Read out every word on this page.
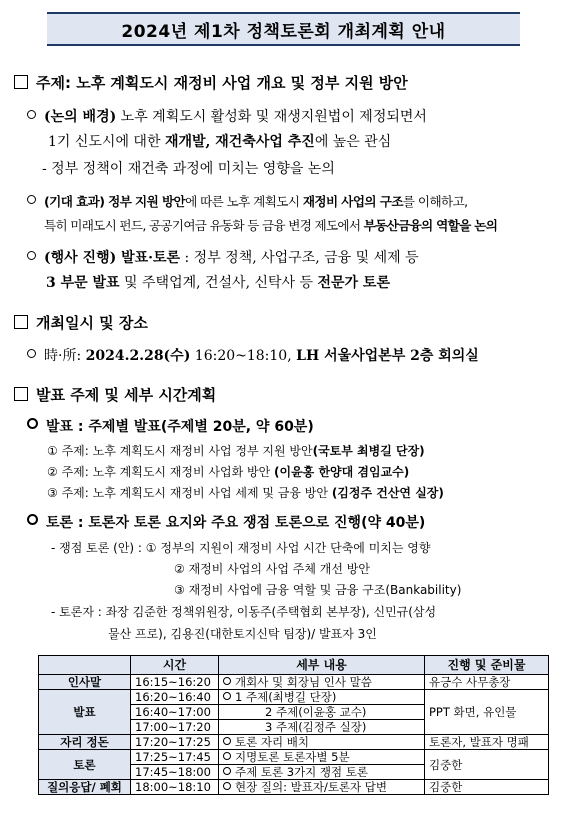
2024년 제1차 정책토론회 개최계획 안내
주제: 노후 계획도시 재정비 사업 개요 및 정부 지원 방안
(논의 배경) 노후 계획도시 활성화 및 재생지원법이 제정되면서
1기 신도시에 대한 재개발, 재건축사업 추진에 높은 관심
- 정부 정책이 재건축 과정에 미치는 영향을 논의
(기대 효과) 정부 지원 방안에 따른 노후 계획도시 재정비 사업의 구조를 이해하고,
특히 미래도시 펀드, 공공기여금 유동화 등 금융 변경 제도에서 부동산금융의 역할을 논의
(행사 진행) 발표·토론 : 정부 정책, 사업구조, 금융 및 세제 등
3 부문 발표 및 주택업계, 건설사, 신탁사 등 전문가 토론
개최일시 및 장소
時·所: 2024.2.28(수) 16:20~18:10, LH 서울사업본부 2층 회의실
발표 주제 및 세부 시간계획
발표 : 주제별 발표(주제별 20분, 약 60분)
① 주제: 노후 계획도시 재정비 사업 정부 지원 방안(국토부 최병길 단장)
② 주제: 노후 계획도시 재정비 사업화 방안 (이윤홍 한양대 겸임교수)
③ 주제: 노후 계획도시 재정비 사업 세제 및 금융 방안 (김정주 건산연 실장)
토론 : 토론자 토론 요지와 주요 쟁점 토론으로 진행(약 40분)
- 쟁점 토론 (안) : ① 정부의 지원이 재정비 사업 시간 단축에 미치는 영향
② 재정비 사업의 사업 주체 개선 방안
③ 재정비 사업에 금융 역할 및 금융 구조(Bankability)
- 토론자 : 좌장 김준한 정책위원장, 이동주(주택협회 본부장), 신민규(삼성
물산 프로), 김용진(대한토지신탁 팀장)/ 발표자 3인
	시간	세부 내용	진행 및 준비물
인사말	16:15~16:20	개회사 및 회장님 인사 말씀	유긍수 사무총장
발표	16:20~16:40	1 주제(최병길 단장)	PPT 화면, 유인물
	16:40~17:00	2 주제(이윤홍 교수)	
	17:00~17:20	3 주제(김정주 실장)	
자리 정돈	17:20~17:25	토론 자리 배치	토론자, 발표자 명패
토론	17:25~17:45	지명토론 토론자별 5분	김중한
	17:45~18:00	주제 토론 3가지 쟁점 토론	
질의응답/ 폐회	18:00~18:10	현장 질의: 발표자/토론자 답변	김중한
